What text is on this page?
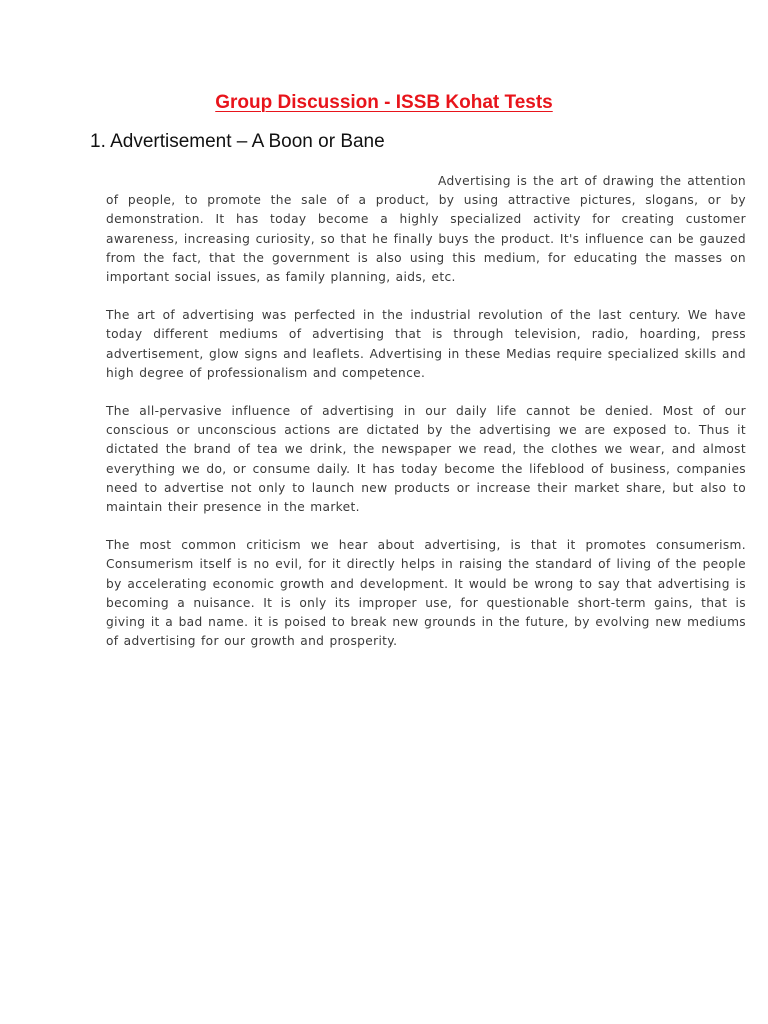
Group Discussion - ISSB Kohat Tests
1. Advertisement – A Boon or Bane

Advertising is the art of drawing the attention of people, to promote the sale of a product, by using attractive pictures, slogans, or by demonstration. It has today become a highly specialized activity for creating customer awareness, increasing curiosity, so that he finally buys the product. It's influence can be gauzed from the fact, that the government is also using this medium, for educating the masses on important social issues, as family planning, aids, etc.

The art of advertising was perfected in the industrial revolution of the last century. We have today different mediums of advertising that is through television, radio, hoarding, press advertisement, glow signs and leaflets. Advertising in these Medias require specialized skills and high degree of professionalism and competence.

The all-pervasive influence of advertising in our daily life cannot be denied. Most of our conscious or unconscious actions are dictated by the advertising we are exposed to. Thus it dictated the brand of tea we drink, the newspaper we read, the clothes we wear, and almost everything we do, or consume daily. It has today become the lifeblood of business, companies need to advertise not only to launch new products or increase their market share, but also to maintain their presence in the market.

The most common criticism we hear about advertising, is that it promotes consumerism. Consumerism itself is no evil, for it directly helps in raising the standard of living of the people by accelerating economic growth and development. It would be wrong to say that advertising is becoming a nuisance. It is only its improper use, for questionable short-term gains, that is giving it a bad name. it is poised to break new grounds in the future, by evolving new mediums of advertising for our growth and prosperity.
